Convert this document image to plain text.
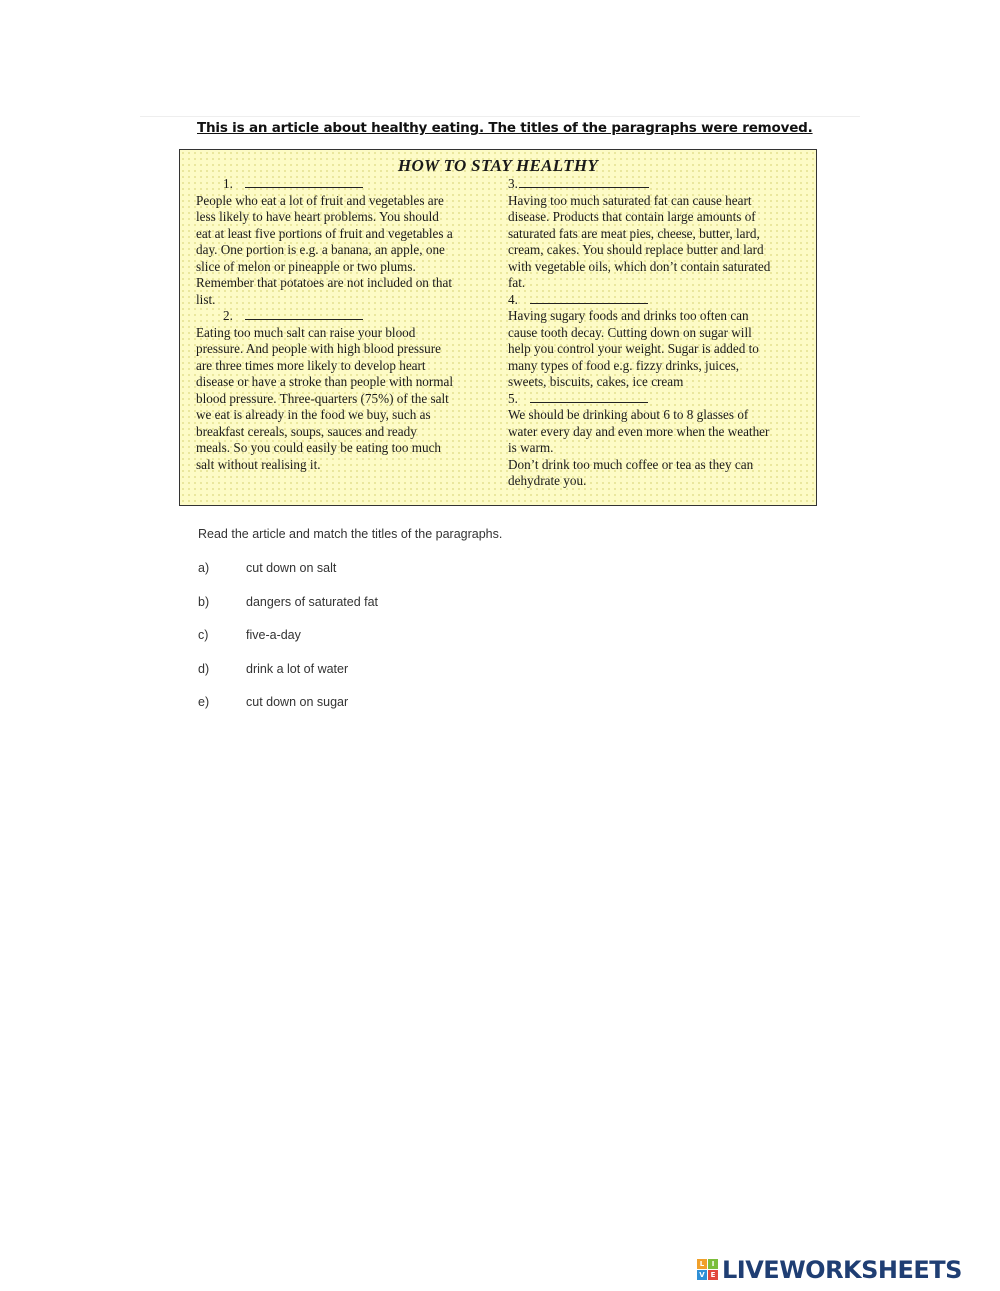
This is an article about healthy eating. The titles of the paragraphs were removed.
HOW TO STAY HEALTHY
1.

People who eat a lot of fruit and vegetables are
less likely to have heart problems. You should
eat at least five portions of fruit and vegetables a
day. One portion is e.g. a banana, an apple, one
slice of melon or pineapple or two plums.
Remember that potatoes are not included on that
list.

2.

Eating too much salt can raise your blood
pressure. And people with high blood pressure
are three times more likely to develop heart
disease or have a stroke than people with normal
blood pressure. Three-quarters (75%) of the salt
we eat is already in the food we buy, such as
breakfast cereals, soups, sauces and ready
meals. So you could easily be eating too much
salt without realising it.

3.

Having too much saturated fat can cause heart
disease. Products that contain large amounts of
saturated fats are meat pies, cheese, butter, lard,
cream, cakes. You should replace butter and lard
with vegetable oils, which don’t contain saturated
fat.

4.

Having sugary foods and drinks too often can
cause tooth decay. Cutting down on sugar will
help you control your weight. Sugar is added to
many types of food e.g. fizzy drinks, juices,
sweets, biscuits, cakes, ice cream

5.

We should be drinking about 6 to 8 glasses of
water every day and even more when the weather
is warm.
Don’t drink too much coffee or tea as they can
dehydrate you.

Read the article and match the titles of the paragraphs.
a)	cut down on salt
b)	dangers of saturated fat
c)	five-a-day
d)	drink a lot of water
e)	cut down on sugar
L	I
V E LIVEWORKSHEETS
